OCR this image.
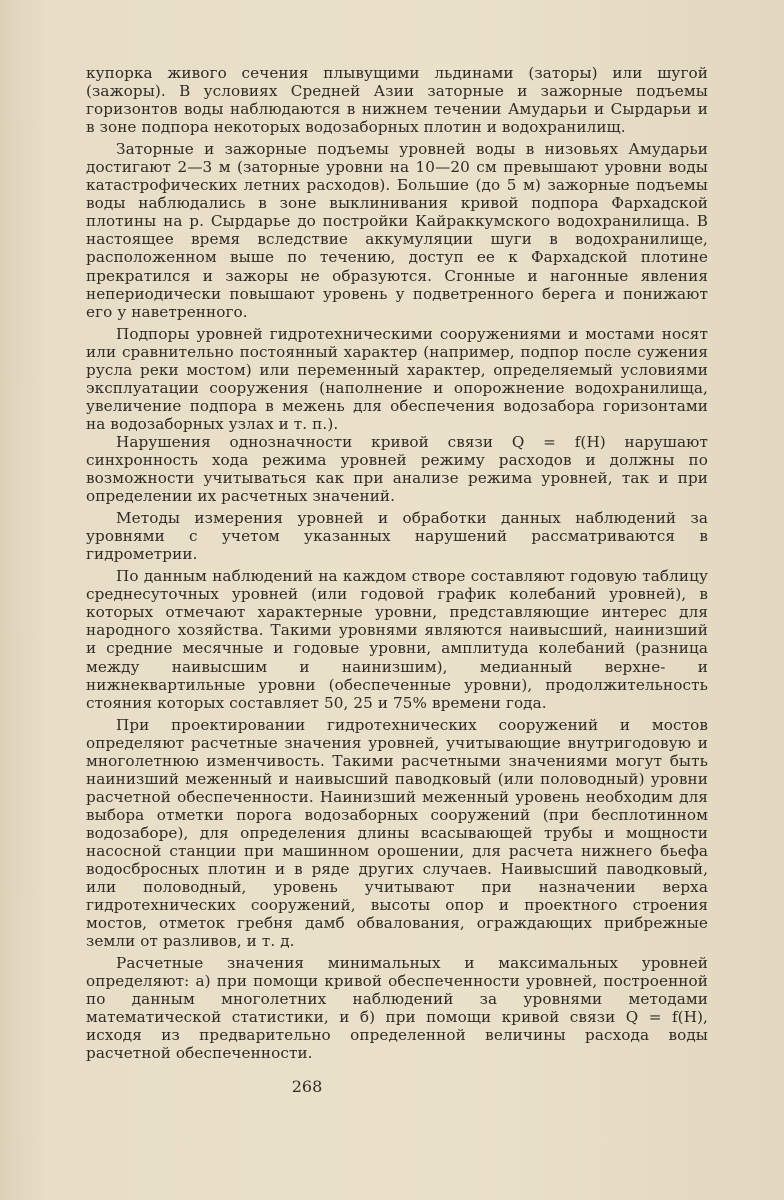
купорка живого сечения плывущими льдинами (заторы) или шугой (зажоры). В условиях Средней Азии заторные и зажорные подъемы горизонтов воды наблюдаются в нижнем течении Амударьи и Сырдарьи и в зоне подпора некоторых водозаборных плотин и водохранилищ.

Заторные и зажорные подъемы уровней воды в низовьях Амударьи достигают 2—3 м (заторные уровни на 10—20 см превышают уровни воды катастрофических летних расходов). Большие (до 5 м) зажорные подъемы воды наблюдались в зоне выклинивания кривой подпора Фархадской плотины на р. Сырдарье до постройки Кайраккумского водохранилища. В настоящее время вследствие аккумуляции шуги в водохранилище, расположенном выше по течению, доступ ее к Фархадской плотине прекратился и зажоры не образуются. Сгонные и нагонные явления непериодически повышают уровень у подветренного берега и понижают его у наветренного.

Подпоры уровней гидротехническими сооружениями и мостами носят или сравнительно постоянный характер (например, подпор после сужения русла реки мостом) или переменный характер, определяемый условиями эксплуатации сооружения (наполнение и опорожнение водохранилища, увеличение подпора в межень для обеспечения водозабора горизонтами на водозаборных узлах и т. п.).

Нарушения однозначности кривой связи Q = f(H) нарушают синхронность хода режима уровней режиму расходов и должны по возможности учитываться как при анализе режима уровней, так и при определении их расчетных значений.

Методы измерения уровней и обработки данных наблюдений за уровнями с учетом указанных нарушений рассматриваются в гидрометрии.

По данным наблюдений на каждом створе составляют годовую таблицу среднесуточных уровней (или годовой график колебаний уровней), в которых отмечают характерные уровни, представляющие интерес для народного хозяйства. Такими уровнями являются наивысший, наинизший и средние месячные и годовые уровни, амплитуда колебаний (разница между наивысшим и наинизшим), медианный верхне- и нижнеквартильные уровни (обеспеченные уровни), продолжительность стояния которых составляет 50, 25 и 75% времени года.

При проектировании гидротехнических сооружений и мостов определяют расчетные значения уровней, учитывающие внутригодовую и многолетнюю изменчивость. Такими расчетными значениями могут быть наинизший меженный и наивысший паводковый (или половодный) уровни расчетной обеспеченности. Наинизший меженный уровень необходим для выбора отметки порога водозаборных сооружений (при бесплотинном водозаборе), для определения длины всасывающей трубы и мощности насосной станции при машинном орошении, для расчета нижнего бьефа водосбросных плотин и в ряде других случаев. Наивысший паводковый, или половодный, уровень учитывают при назначении верха гидротехнических сооружений, высоты опор и проектного строения мостов, отметок гребня дамб обвалования, ограждающих прибрежные земли от разливов, и т. д.

Расчетные значения минимальных и максимальных уровней определяют: а) при помощи кривой обеспеченности уровней, построенной по данным многолетних наблюдений за уровнями методами математической статистики, и б) при помощи кривой связи Q = f(H), исходя из предварительно определенной величины расхода воды расчетной обеспеченности.

268
